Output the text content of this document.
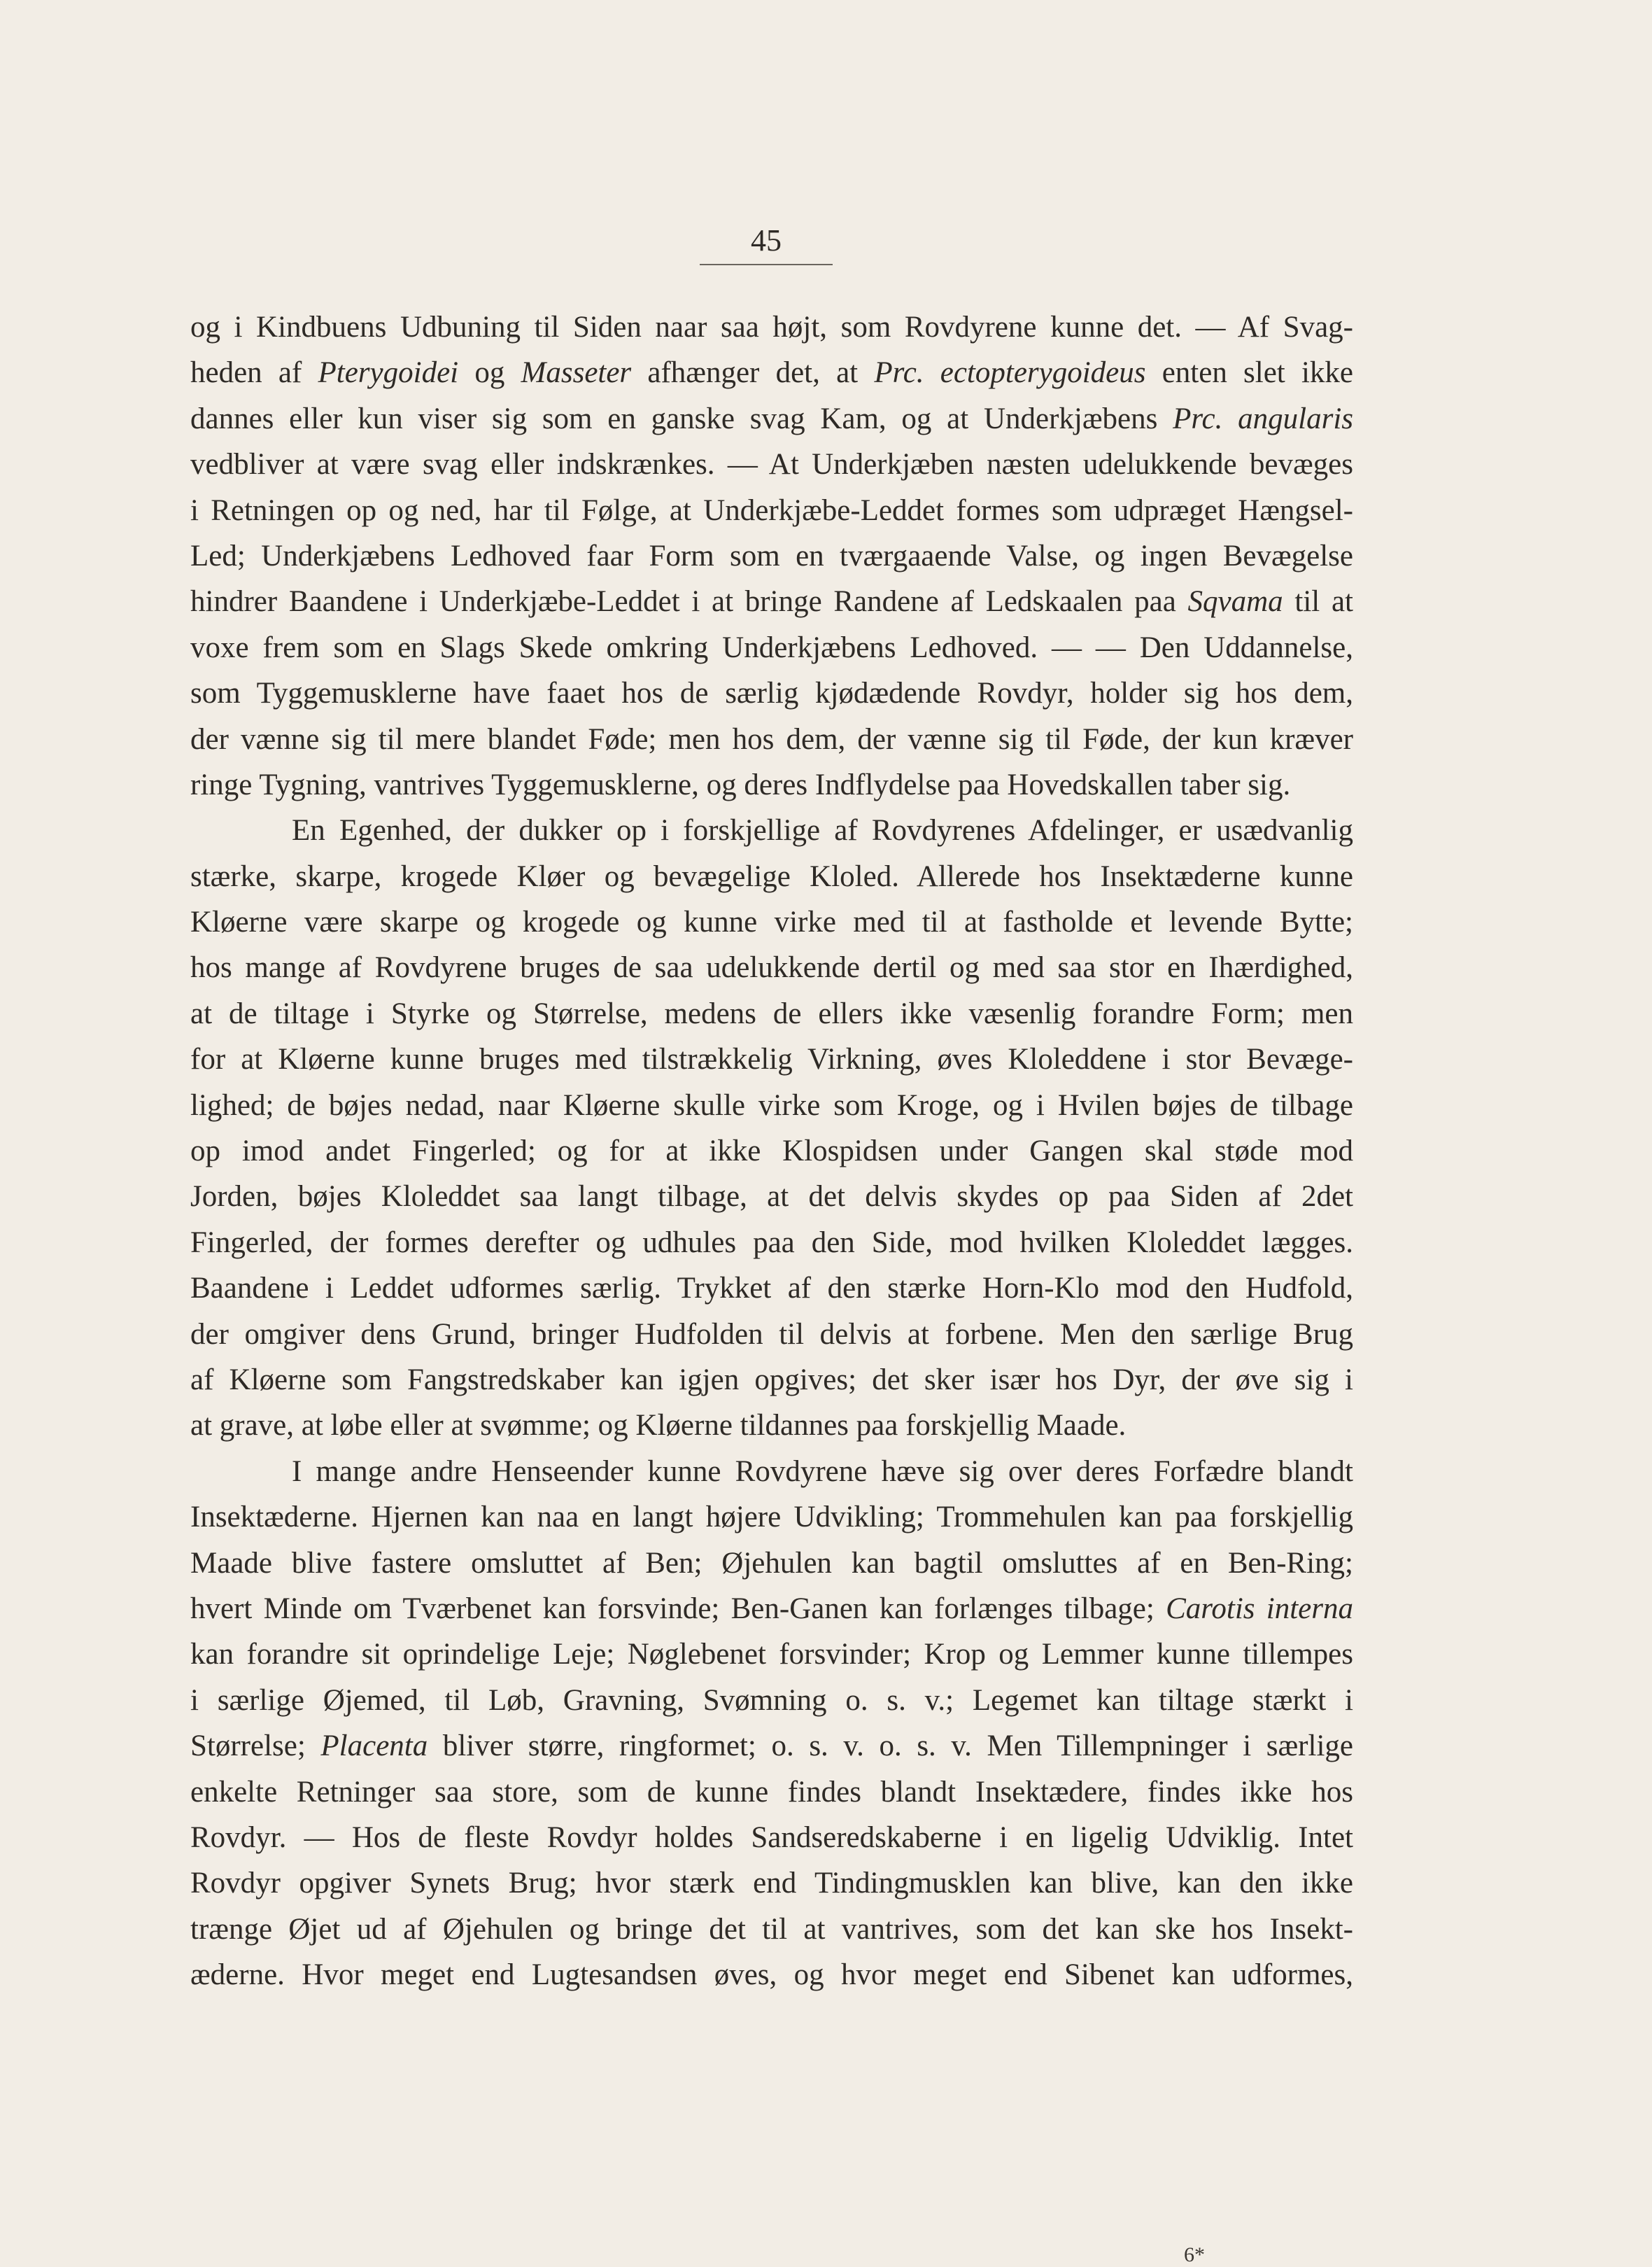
45
og i Kindbuens Udbuning til Siden naar saa højt, som Rovdyrene kunne det. — Af Svag-
heden af Pterygoidei og Masseter afhænger det, at Prc. ectopterygoideus enten slet ikke
dannes eller kun viser sig som en ganske svag Kam, og at Underkjæbens Prc. angularis
vedbliver at være svag eller indskrænkes. — At Underkjæben næsten udelukkende bevæges
i Retningen op og ned, har til Følge, at Underkjæbe-Leddet formes som udpræget Hængsel-
Led; Underkjæbens Ledhoved faar Form som en tværgaaende Valse, og ingen Bevægelse
hindrer Baandene i Underkjæbe-Leddet i at bringe Randene af Ledskaalen paa Sqvama til at
voxe frem som en Slags Skede omkring Underkjæbens Ledhoved. — — Den Uddannelse,
som Tyggemusklerne have faaet hos de særlig kjødædende Rovdyr, holder sig hos dem,
der vænne sig til mere blandet Føde; men hos dem, der vænne sig til Føde, der kun kræver
ringe Tygning, vantrives Tyggemusklerne, og deres Indflydelse paa Hovedskallen taber sig.
En Egenhed, der dukker op i forskjellige af Rovdyrenes Afdelinger, er usædvanlig
stærke, skarpe, krogede Kløer og bevægelige Kloled. Allerede hos Insektæderne kunne
Kløerne være skarpe og krogede og kunne virke med til at fastholde et levende Bytte;
hos mange af Rovdyrene bruges de saa udelukkende dertil og med saa stor en Ihærdighed,
at de tiltage i Styrke og Størrelse, medens de ellers ikke væsenlig forandre Form; men
for at Kløerne kunne bruges med tilstrækkelig Virkning, øves Kloleddene i stor Bevæge-
lighed; de bøjes nedad, naar Kløerne skulle virke som Kroge, og i Hvilen bøjes de tilbage
op imod andet Fingerled; og for at ikke Klospidsen under Gangen skal støde mod
Jorden, bøjes Kloleddet saa langt tilbage, at det delvis skydes op paa Siden af 2det
Fingerled, der formes derefter og udhules paa den Side, mod hvilken Kloleddet lægges.
Baandene i Leddet udformes særlig. Trykket af den stærke Horn-Klo mod den Hudfold,
der omgiver dens Grund, bringer Hudfolden til delvis at forbene. Men den særlige Brug
af Kløerne som Fangstredskaber kan igjen opgives; det sker især hos Dyr, der øve sig i
at grave, at løbe eller at svømme; og Kløerne tildannes paa forskjellig Maade.
I mange andre Henseender kunne Rovdyrene hæve sig over deres Forfædre blandt
Insektæderne. Hjernen kan naa en langt højere Udvikling; Trommehulen kan paa forskjellig
Maade blive fastere omsluttet af Ben; Øjehulen kan bagtil omsluttes af en Ben-Ring;
hvert Minde om Tværbenet kan forsvinde; Ben-Ganen kan forlænges tilbage; Carotis interna
kan forandre sit oprindelige Leje; Nøglebenet forsvinder; Krop og Lemmer kunne tillempes
i særlige Øjemed, til Løb, Gravning, Svømning o. s. v.; Legemet kan tiltage stærkt i
Størrelse; Placenta bliver større, ringformet; o. s. v. o. s. v. Men Tillempninger i særlige
enkelte Retninger saa store, som de kunne findes blandt Insektædere, findes ikke hos
Rovdyr. — Hos de fleste Rovdyr holdes Sandseredskaberne i en ligelig Udviklig. Intet
Rovdyr opgiver Synets Brug; hvor stærk end Tindingmusklen kan blive, kan den ikke
trænge Øjet ud af Øjehulen og bringe det til at vantrives, som det kan ske hos Insekt-
æderne. Hvor meget end Lugtesandsen øves, og hvor meget end Sibenet kan udformes,
6*
